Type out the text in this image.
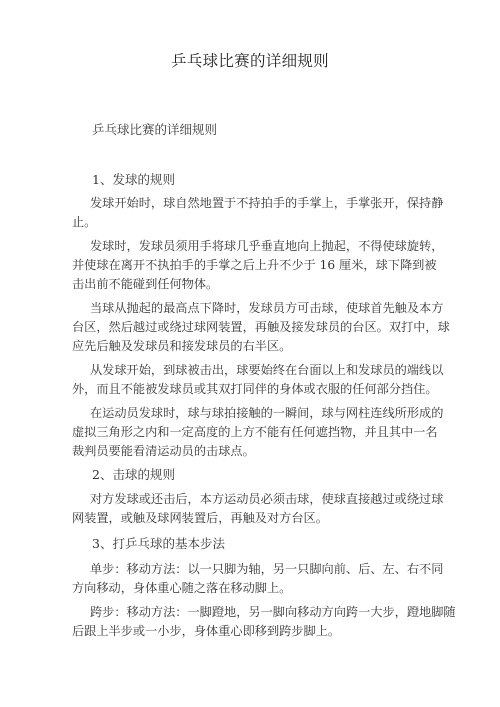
乒乓球比赛的详细规则
乒乓球比赛的详细规则
1、发球的规则
发球开始时，球自然地置于不持拍手的手掌上，手掌张开，保持静
止。
发球时，发球员须用手将球几乎垂直地向上抛起，不得使球旋转，
并使球在离开不执拍手的手掌之后上升不少于 16 厘米，球下降到被
击出前不能碰到任何物体。
当球从抛起的最高点下降时，发球员方可击球，使球首先触及本方
台区，然后越过或绕过球网装置，再触及接发球员的台区。双打中，球
应先后触及发球员和接发球员的右半区。
从发球开始，到球被击出，球要始终在台面以上和发球员的端线以
外，而且不能被发球员或其双打同伴的身体或衣服的任何部分挡住。
在运动员发球时，球与球拍接触的一瞬间，球与网柱连线所形成的
虚拟三角形之内和一定高度的上方不能有任何遮挡物，并且其中一名
裁判员要能看清运动员的击球点。
2、击球的规则
对方发球或还击后，本方运动员必须击球，使球直接越过或绕过球
网装置，或触及球网装置后，再触及对方台区。
3、打乒乓球的基本步法
单步：移动方法：以一只脚为轴，另一只脚向前、后、左、右不同
方向移动，身体重心随之落在移动脚上。
跨步：移动方法：一脚蹬地，另一脚向移动方向跨一大步，蹬地脚随
后跟上半步或一小步，身体重心即移到跨步脚上。
